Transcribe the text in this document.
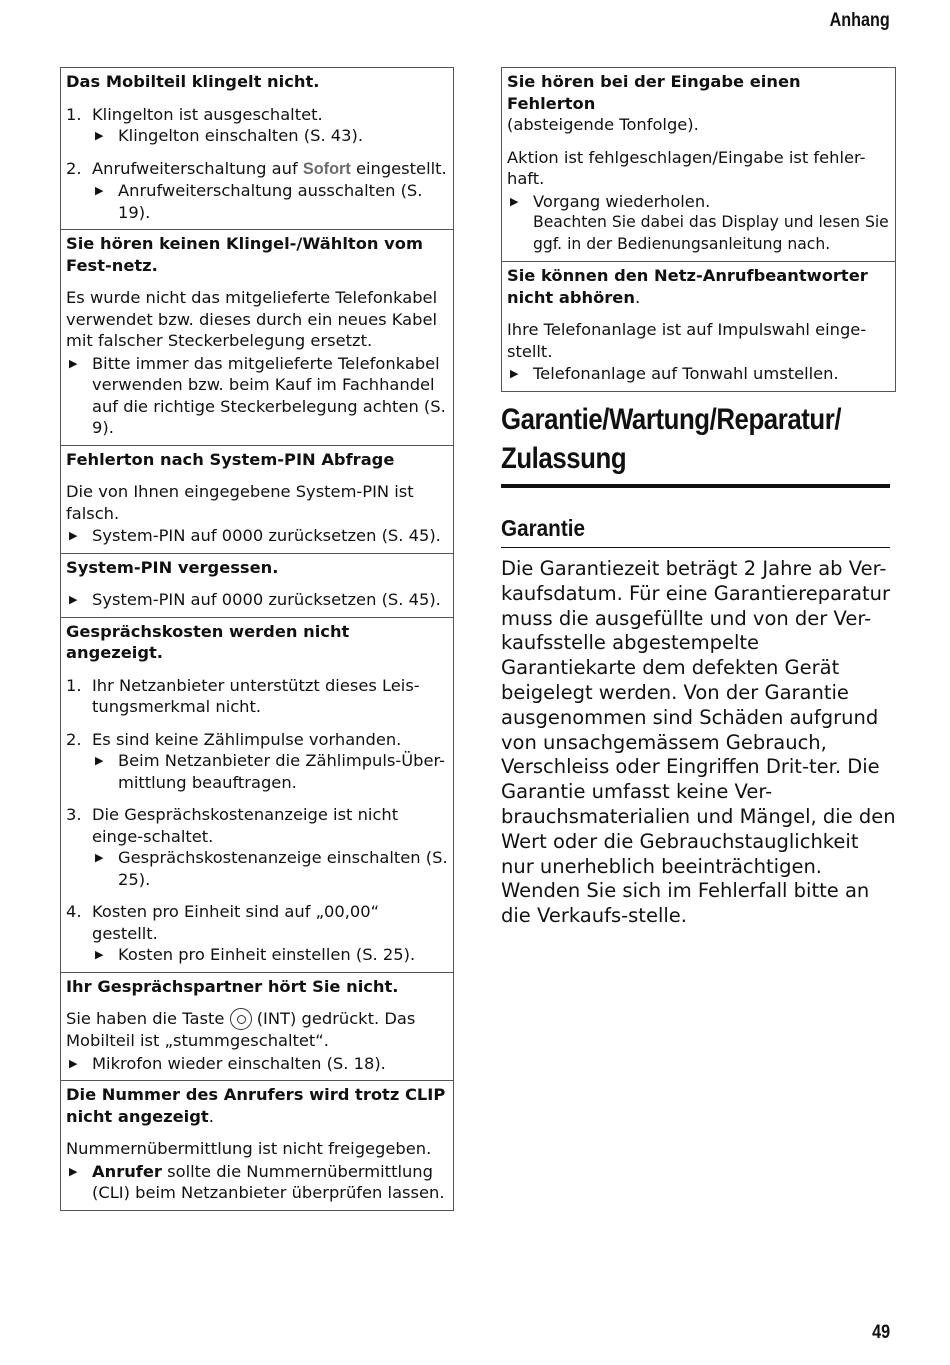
Anhang
Das Mobilteil klingelt nicht.
1. Klingelton ist ausgeschaltet.
▶ Klingelton einschalten (S. 43).
2. Anrufweiterschaltung auf Sofort eingestellt.
▶ Anrufweiterschaltung ausschalten (S. 19).
Sie hören keinen Klingel-/Wählton vom Fest-netz.
Es wurde nicht das mitgelieferte Telefonkabel verwendet bzw. dieses durch ein neues Kabel mit falscher Steckerbelegung ersetzt.
▶ Bitte immer das mitgelieferte Telefonkabel verwenden bzw. beim Kauf im Fachhandel auf die richtige Steckerbelegung achten (S. 9).
Fehlerton nach System-PIN Abfrage
Die von Ihnen eingegebene System-PIN ist falsch.
▶ System-PIN auf 0000 zurücksetzen (S. 45).
System-PIN vergessen.
▶ System-PIN auf 0000 zurücksetzen (S. 45).
Gesprächskosten werden nicht angezeigt.
1. Ihr Netzanbieter unterstützt dieses Leis-tungsmerkmal nicht.
2. Es sind keine Zählimpulse vorhanden.
▶ Beim Netzanbieter die Zählimpuls-Über-mittlung beauftragen.
3. Die Gesprächskostenanzeige ist nicht einge-schaltet.
▶ Gesprächskostenanzeige einschalten (S. 25).
4. Kosten pro Einheit sind auf „00,00“ gestellt.
▶ Kosten pro Einheit einstellen (S. 25).
Ihr Gesprächspartner hört Sie nicht.
Sie haben die Taste  (INT) gedrückt. Das Mobilteil ist „stummgeschaltet“.
▶ Mikrofon wieder einschalten (S. 18).
Die Nummer des Anrufers wird trotz CLIP nicht angezeigt.
Nummernübermittlung ist nicht freigegeben.
▶ Anrufer sollte die Nummernübermittlung (CLI) beim Netzanbieter überprüfen lassen.
Sie hören bei der Eingabe einen Fehlerton
(absteigende Tonfolge).
Aktion ist fehlgeschlagen/Eingabe ist fehler-haft.
▶ Vorgang wiederholen.
Beachten Sie dabei das Display und lesen Sie ggf. in der Bedienungsanleitung nach.
Sie können den Netz-Anrufbeantworter nicht abhören.
Ihre Telefonanlage ist auf Impulswahl einge-stellt.
▶ Telefonanlage auf Tonwahl umstellen.
Garantie/Wartung/Reparatur/
Zulassung
Garantie
Die Garantiezeit beträgt 2 Jahre ab Ver-kaufsdatum. Für eine Garantiereparatur muss die ausgefüllte und von der Ver-kaufsstelle abgestempelte Garantiekarte dem defekten Gerät beigelegt werden. Von der Garantie ausgenommen sind Schäden aufgrund von unsachgemässem Gebrauch, Verschleiss oder Eingriffen Drit-ter. Die Garantie umfasst keine Ver-brauchsmaterialien und Mängel, die den Wert oder die Gebrauchstauglichkeit nur unerheblich beeinträchtigen. Wenden Sie sich im Fehlerfall bitte an die Verkaufs-stelle.
49
